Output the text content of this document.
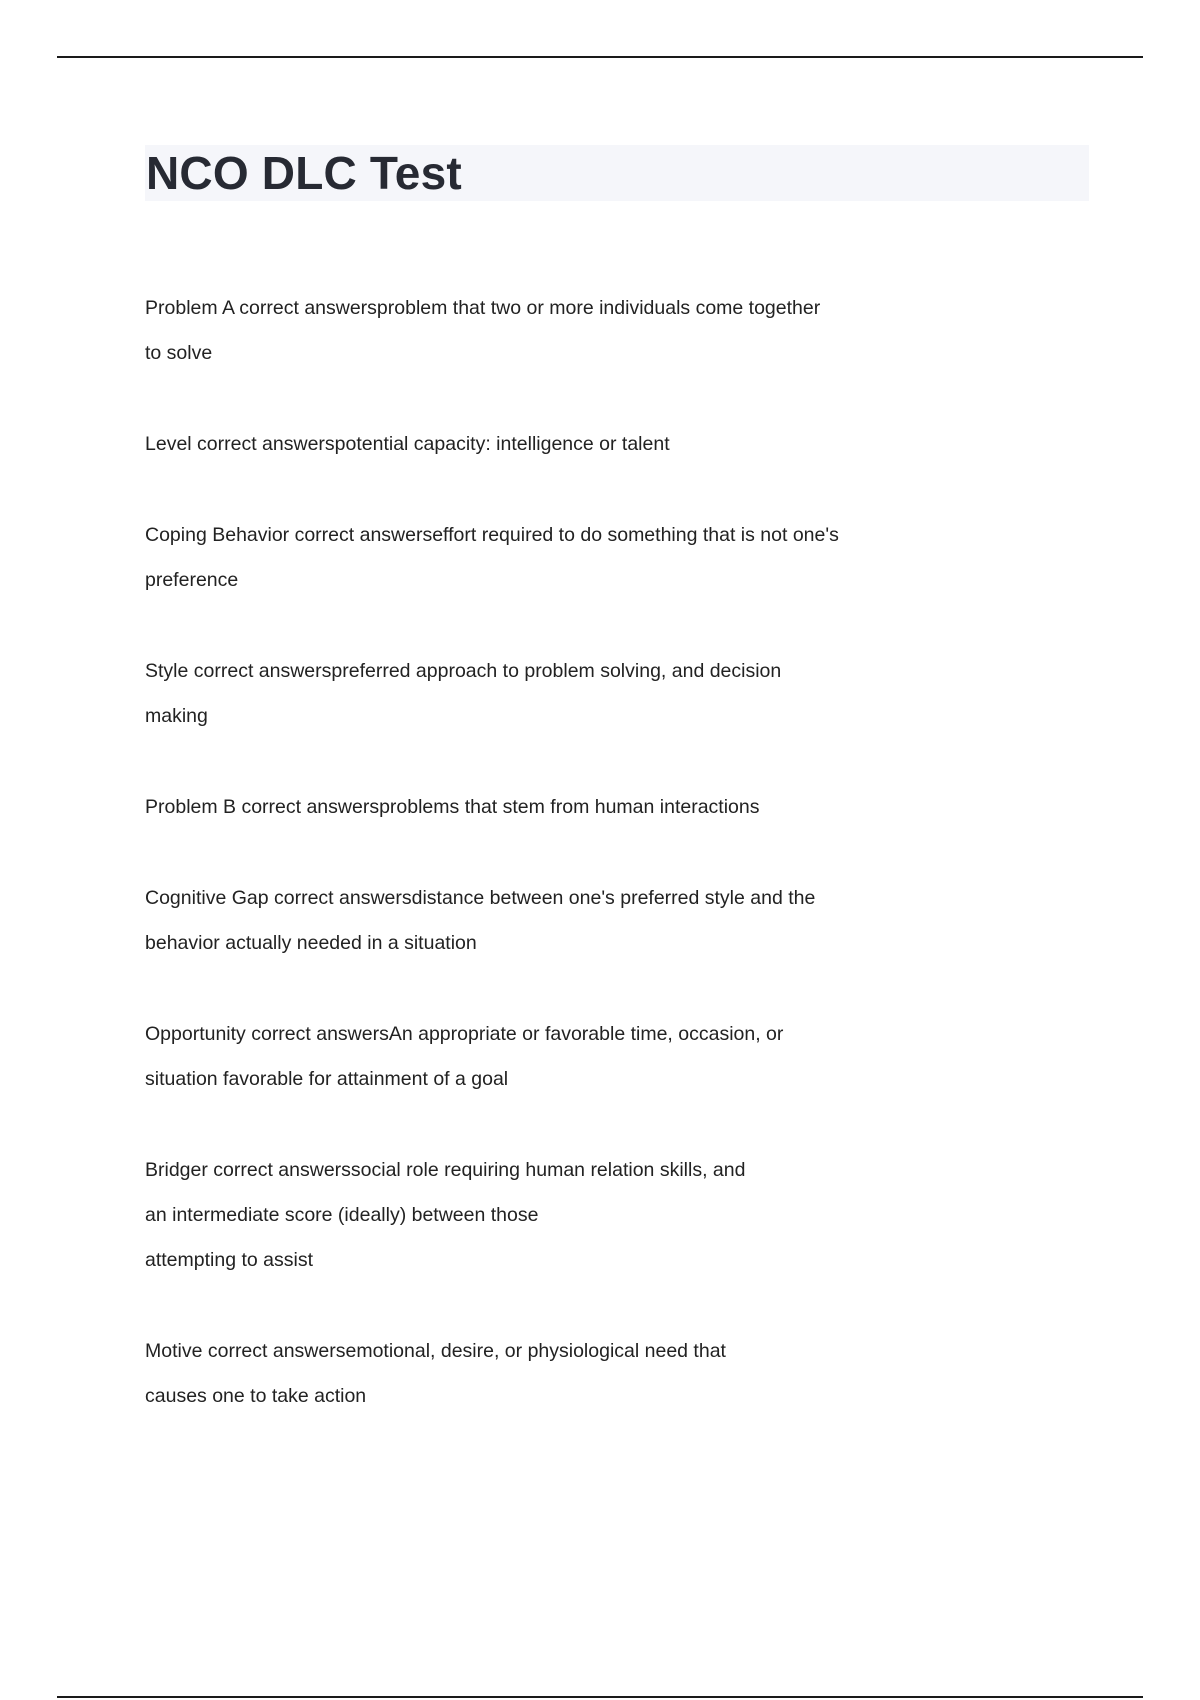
NCO DLC Test
Problem A correct answersproblem that two or more individuals come together
to solve
Level correct answerspotential capacity: intelligence or talent
Coping Behavior correct answerseffort required to do something that is not one's
preference
Style correct answerspreferred approach to problem solving, and decision
making
Problem B correct answersproblems that stem from human interactions
Cognitive Gap correct answersdistance between one's preferred style and the
behavior actually needed in a situation
Opportunity correct answersAn appropriate or favorable time, occasion, or
situation favorable for attainment of a goal
Bridger correct answerssocial role requiring human relation skills, and
an intermediate score (ideally) between those
attempting to assist
Motive correct answersemotional, desire, or physiological need that
causes one to take action
